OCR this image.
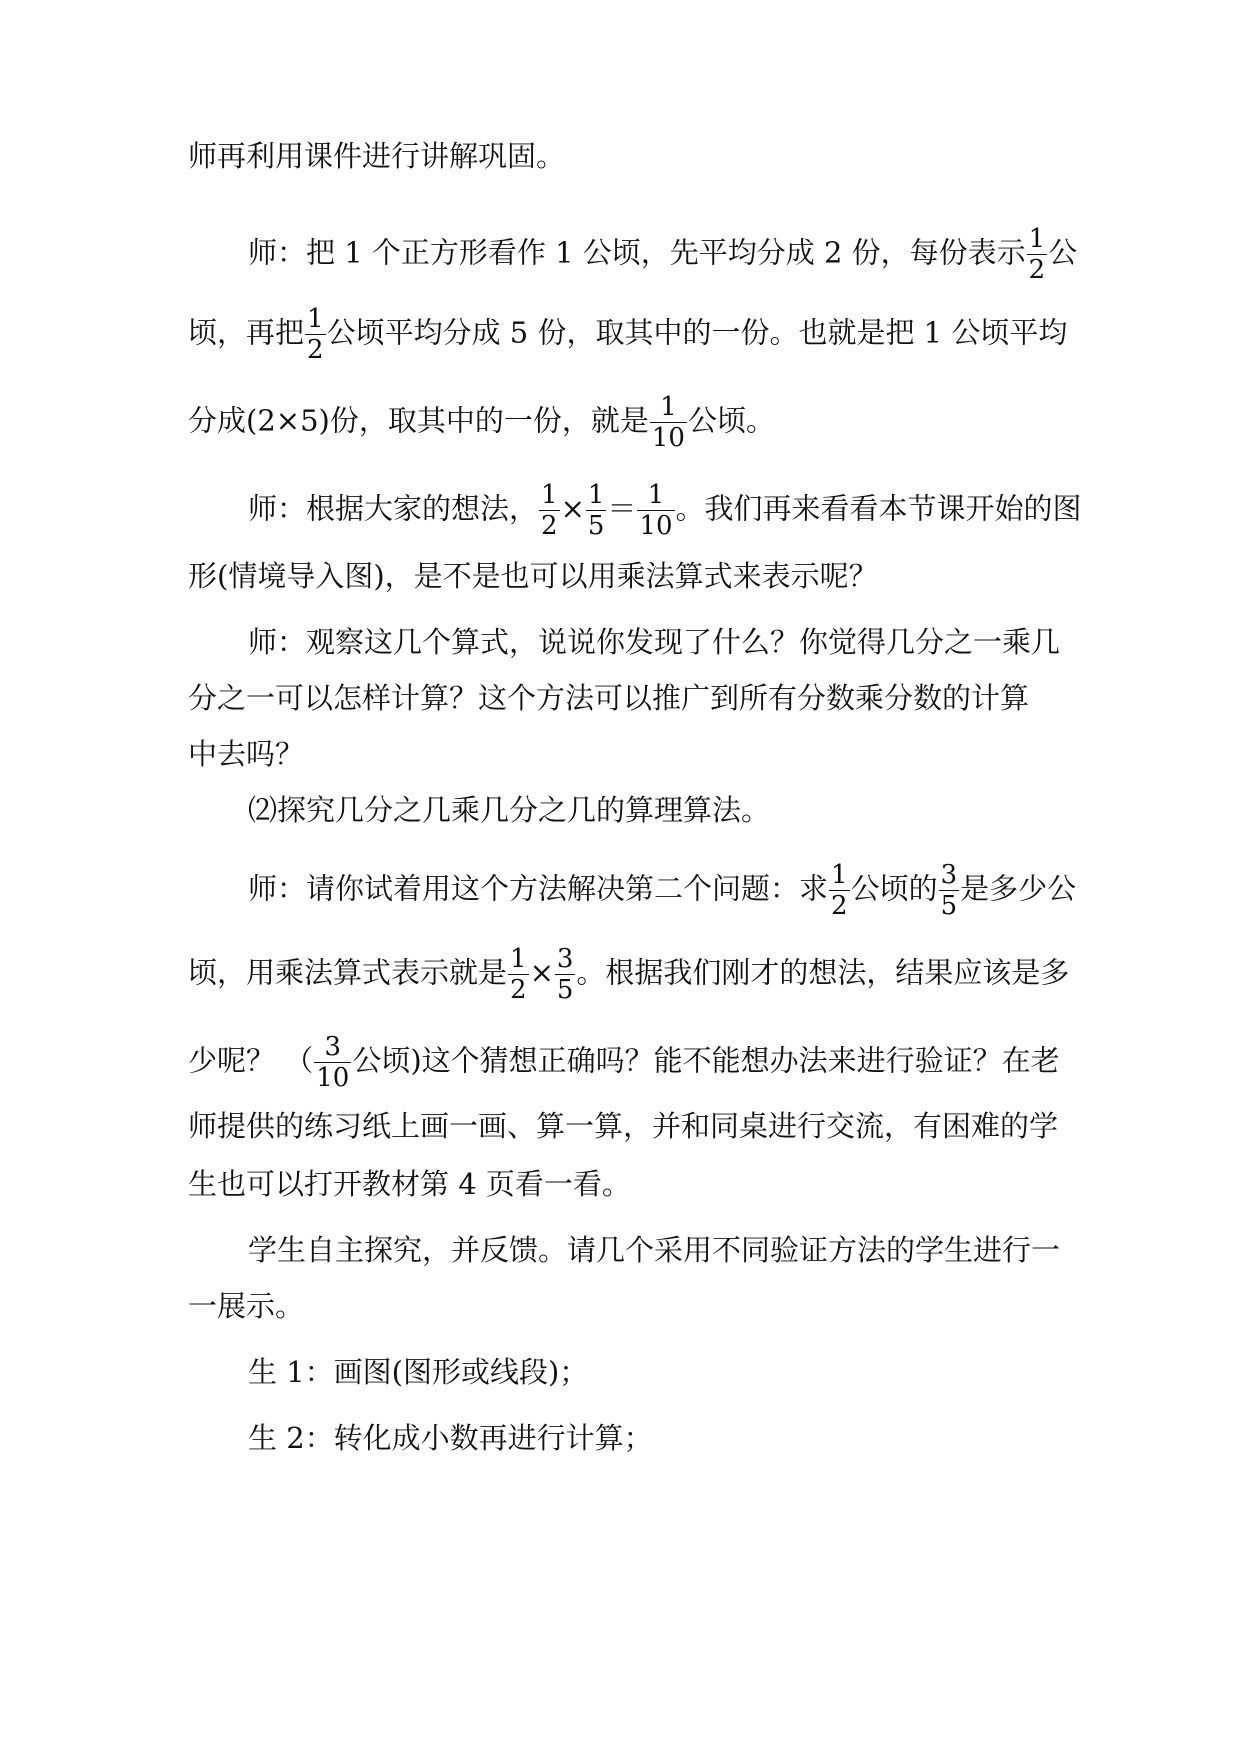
师再利用课件进行讲解巩固。
师：把 1 个正方形看作 1 公顷，先平均分成 2 份，每份表示 $\frac{1}{2}$ 公
顷，再把 $\frac{1}{2}$ 公顷平均分成 5 份，取其中的一份。也就是把 1 公顷平均
分成(2×5)份，取其中的一份，就是 $\frac{1}{10}$ 公顷。
师：根据大家的想法， $\frac{1}{2} \times \frac{1}{5} = \frac{1}{10}$ 。我们再来看看本节课开始的图
形(情境导入图)，是不是也可以用乘法算式来表示呢？
师：观察这几个算式，说说你发现了什么？你觉得几分之一乘几
分之一可以怎样计算？这个方法可以推广到所有分数乘分数的计算
中去吗？
⑵探究几分之几乘几分之几的算理算法。
师：请你试着用这个方法解决第二个问题：求 $\frac{1}{2}$ 公顷的 $\frac{3}{5}$ 是多少公
顷，用乘法算式表示就是 $\frac{1}{2} \times \frac{3}{5}$ 。根据我们刚才的想法，结果应该是多
少呢？ （ $\frac{3}{10}$ 公顷)这个猜想正确吗？能不能想办法来进行验证？在老
师提供的练习纸上画一画、算一算，并和同桌进行交流，有困难的学
生也可以打开教材第 4 页看一看。
学生自主探究，并反馈。请几个采用不同验证方法的学生进行一
一展示。
生 1：画图(图形或线段)；
生 2：转化成小数再进行计算；
